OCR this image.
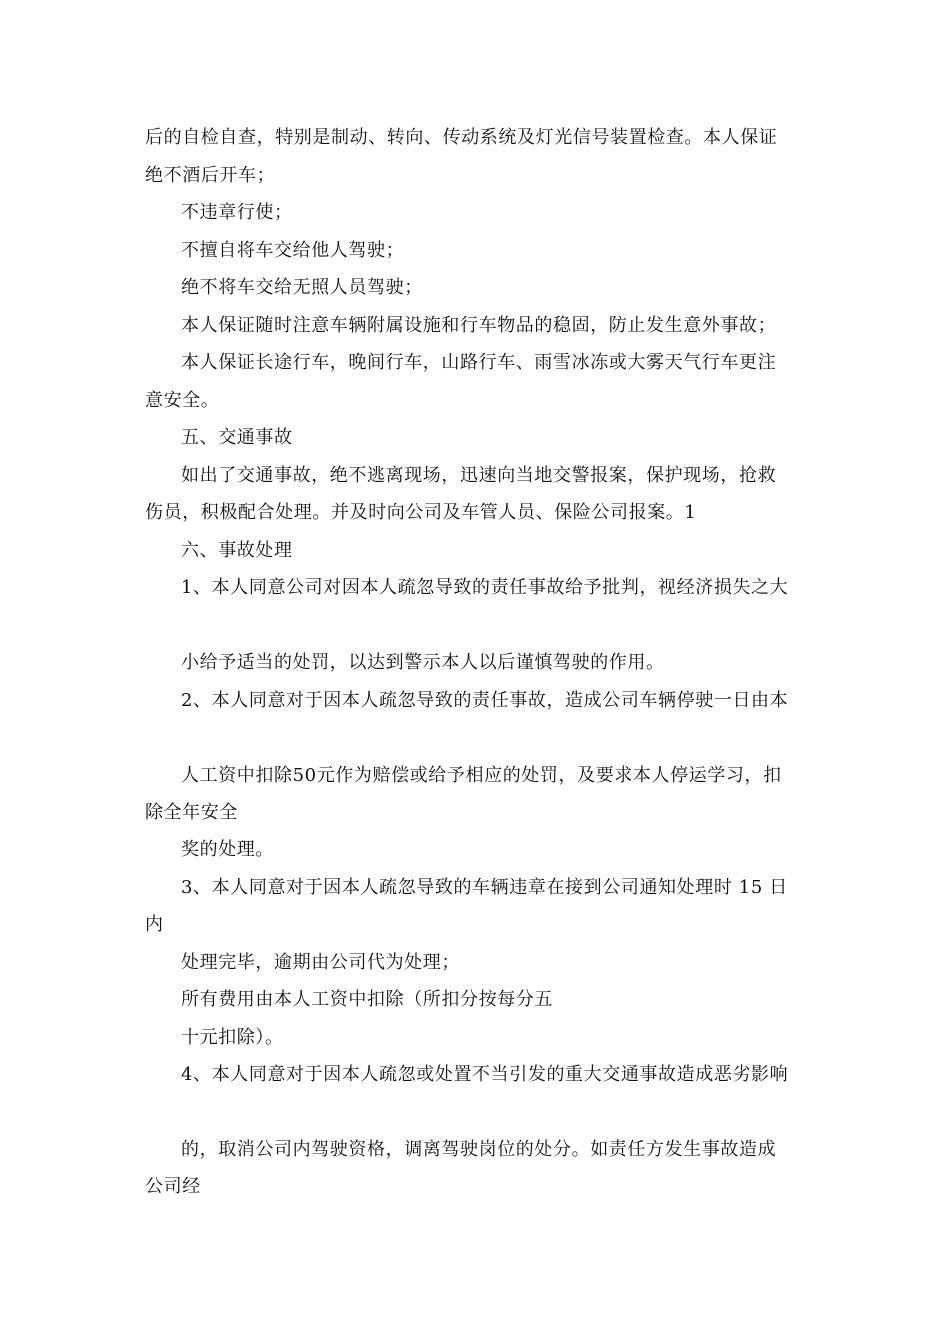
后的自检自查，特别是制动、转向、传动系统及灯光信号装置检查。本人保证
绝不酒后开车；
不违章行使；
不擅自将车交给他人驾驶；
绝不将车交给无照人员驾驶；
本人保证随时注意车辆附属设施和行车物品的稳固，防止发生意外事故；
本人保证长途行车，晚间行车，山路行车、雨雪冰冻或大雾天气行车更注
意安全。
五、交通事故
如出了交通事故，绝不逃离现场，迅速向当地交警报案，保护现场，抢救
伤员，积极配合处理。并及时向公司及车管人员、保险公司报案。1
六、事故处理
1、本人同意公司对因本人疏忽导致的责任事故给予批判，视经济损失之大
小给予适当的处罚，以达到警示本人以后谨慎驾驶的作用。
2、本人同意对于因本人疏忽导致的责任事故，造成公司车辆停驶一日由本
人工资中扣除50元作为赔偿或给予相应的处罚，及要求本人停运学习，扣
除全年安全
奖的处理。
3、本人同意对于因本人疏忽导致的车辆违章在接到公司通知处理时 15 日
内
处理完毕，逾期由公司代为处理；
所有费用由本人工资中扣除（所扣分按每分五
十元扣除）。
4、本人同意对于因本人疏忽或处置不当引发的重大交通事故造成恶劣影响
的，取消公司内驾驶资格，调离驾驶岗位的处分。如责任方发生事故造成
公司经
